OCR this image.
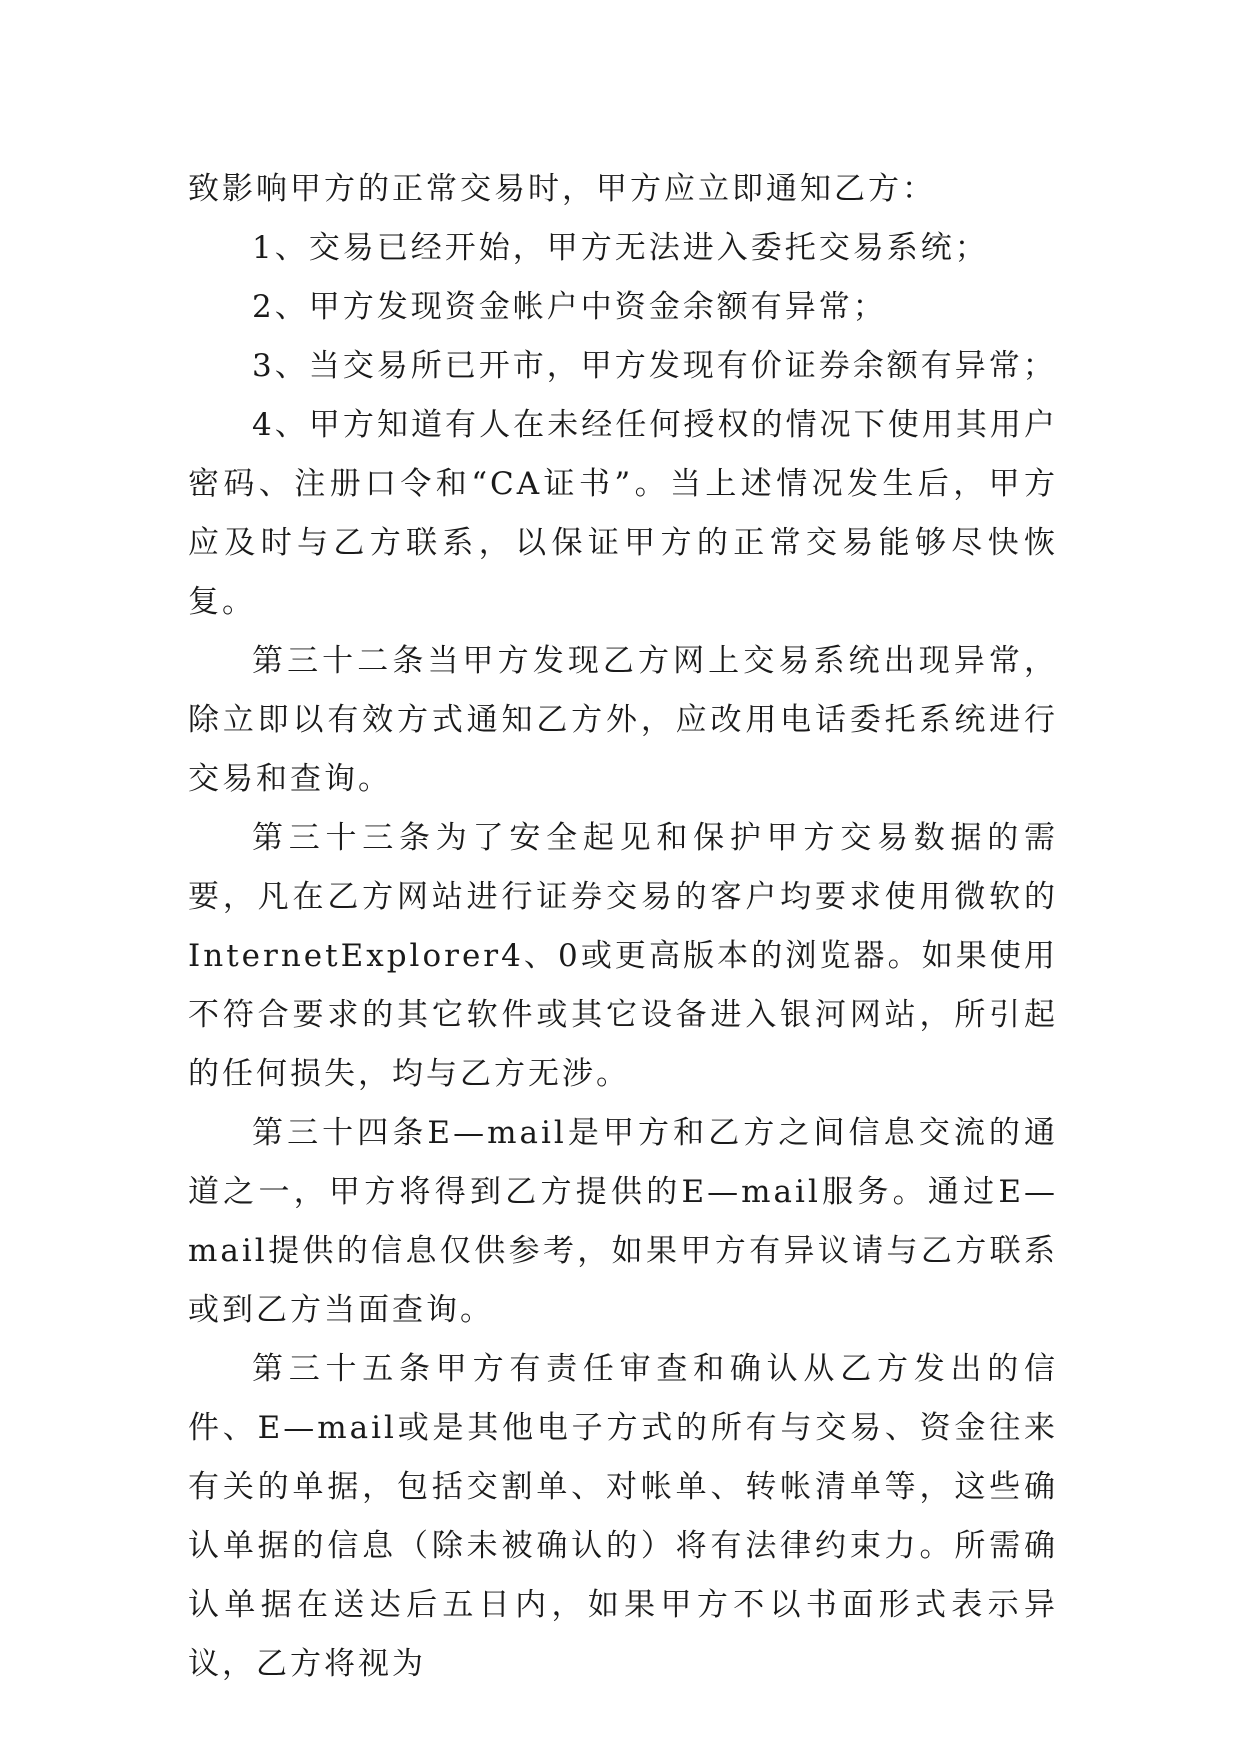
致影响甲方的正常交易时，甲方应立即通知乙方：

1、交易已经开始，甲方无法进入委托交易系统；

2、甲方发现资金帐户中资金余额有异常；

3、当交易所已开市，甲方发现有价证券余额有异常；

4、甲方知道有人在未经任何授权的情况下使用其用户密码、注册口令和“CA证书”。当上述情况发生后，甲方应及时与乙方联系，以保证甲方的正常交易能够尽快恢复。

第三十二条当甲方发现乙方网上交易系统出现异常，除立即以有效方式通知乙方外，应改用电话委托系统进行交易和查询。

第三十三条为了安全起见和保护甲方交易数据的需要，凡在乙方网站进行证券交易的客户均要求使用微软的InternetExplorer4、0或更高版本的浏览器。如果使用不符合要求的其它软件或其它设备进入银河网站，所引起的任何损失，均与乙方无涉。

第三十四条E—mail是甲方和乙方之间信息交流的通道之一，甲方将得到乙方提供的E—mail服务。通过E—mail提供的信息仅供参考，如果甲方有异议请与乙方联系或到乙方当面查询。

第三十五条甲方有责任审查和确认从乙方发出的信件、E—mail或是其他电子方式的所有与交易、资金往来有关的单据，包括交割单、对帐单、转帐清单等，这些确认单据的信息（除未被确认的）将有法律约束力。所需确认单据在送达后五日内，如果甲方不以书面形式表示异议，乙方将视为
